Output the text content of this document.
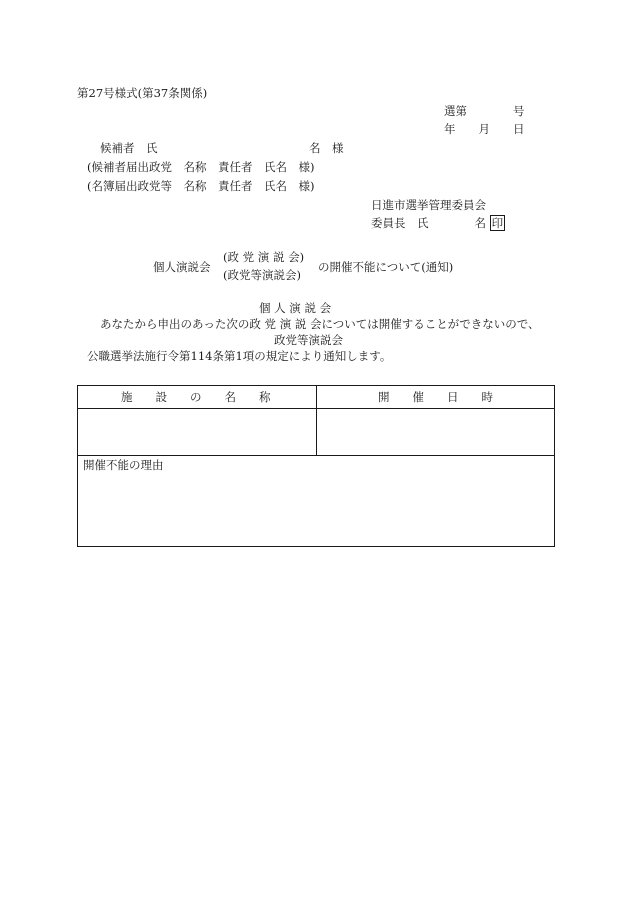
第27号様式(第37条関係)
選第　　　　号
年　　月　　日
候補者　氏	名　様
(候補者届出政党　名称　責任者　氏名　様)
(名簿届出政党等　名称　責任者　氏名　様)
日進市選挙管理委員会
委員長　氏　　　　名 印
個人演説会
(政 党 演 説 会)
(政党等演説会)
の開催不能について(通知)
個 人 演 説 会
あなたから申出のあった次の政 党 演 説 会については開催することができないので、
政党等演説会
公職選挙法施行令第114条第1項の規定により通知します。
施　　設　　の　　名　　称	開　　催　　日　　時
開催不能の理由
